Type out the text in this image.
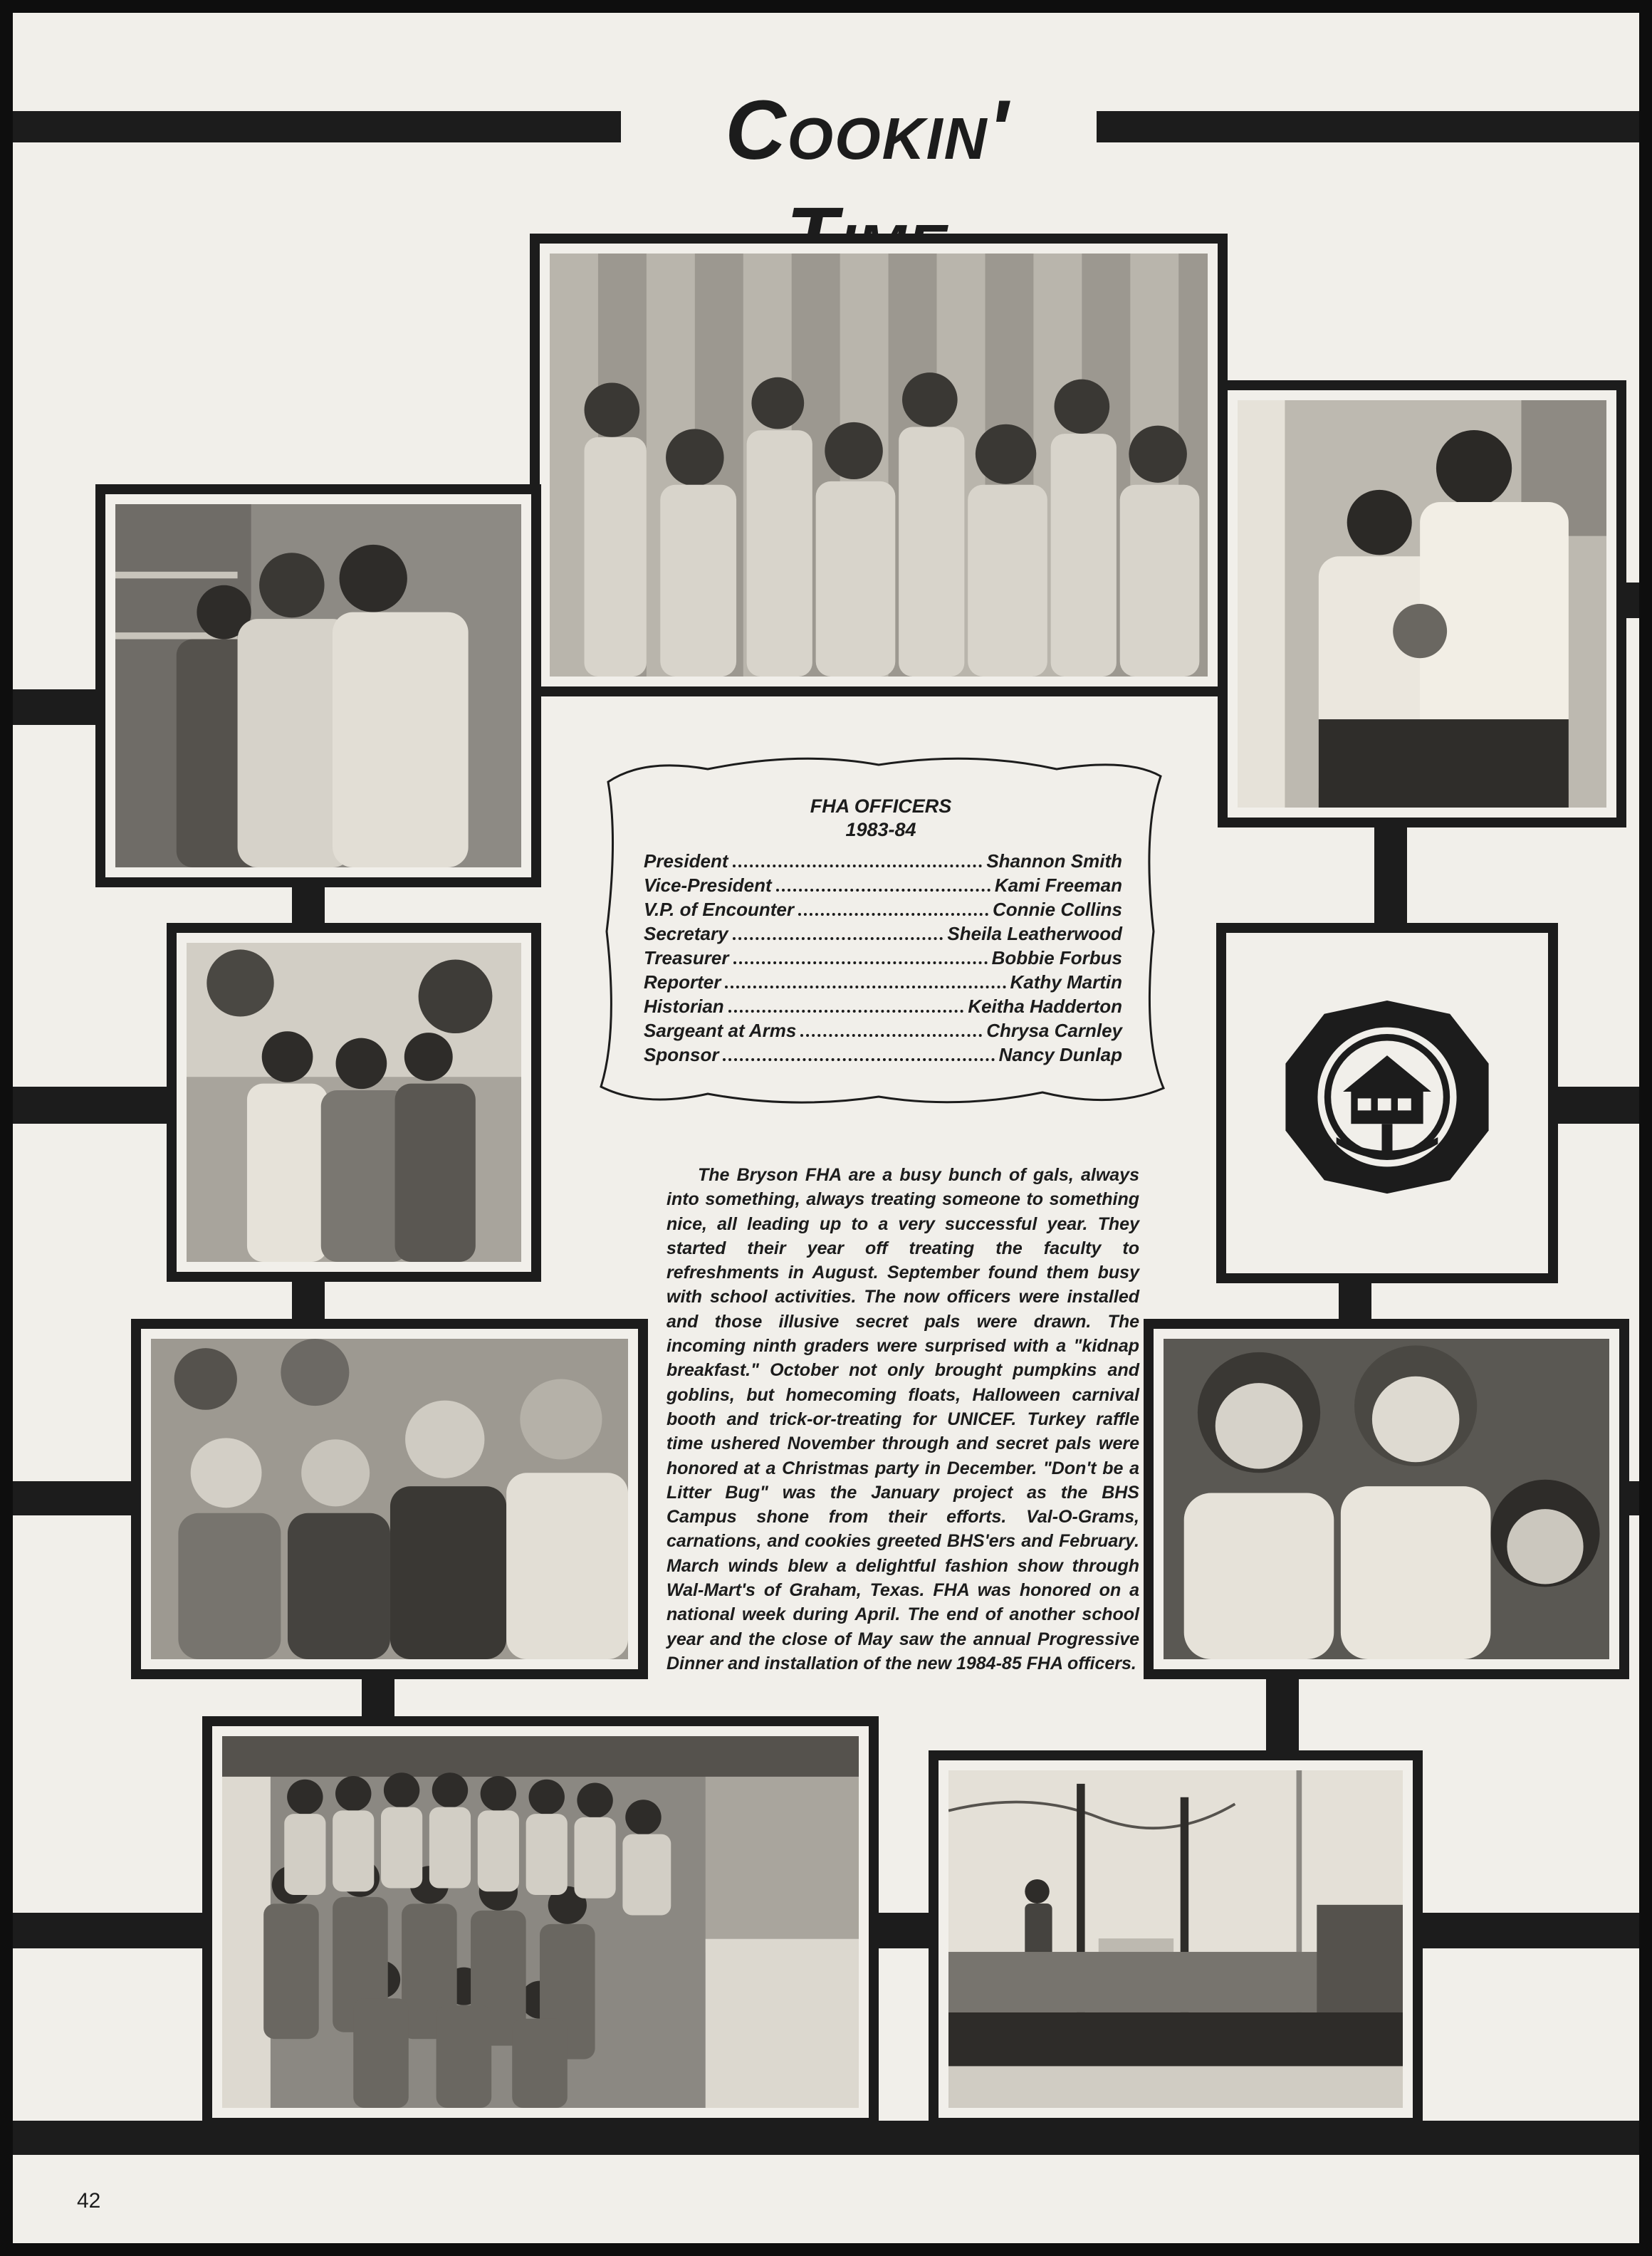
Cookin'
FHA OFFICERS
1983-84
President	Shannon Smith
Vice-President	Kami Freeman
V.P. of Encounter	Connie Collins
Secretary	Sheila Leatherwood
Treasurer	Bobbie Forbus
Reporter	Kathy Martin
Historian	Keitha Hadderton
Sargeant at Arms	Chrysa Carnley
Sponsor	Nancy Dunlap
The Bryson FHA are a busy bunch of gals, always into something, always treating someone to something nice, all leading up to a very successful year. They started their year off treating the faculty to refreshments in August. September found them busy with school activities. The now officers were installed and those illusive secret pals were drawn. The incoming ninth graders were surprised with a "kidnap breakfast." October not only brought pumpkins and goblins, but homecoming floats, Halloween carnival booth and trick-or-treating for UNICEF. Turkey raffle time ushered November through and secret pals were honored at a Christmas party in December. "Don't be a Litter Bug" was the January project as the BHS Campus shone from their efforts. Val-O-Grams, carnations, and cookies greeted BHS'ers and February. March winds blew a delightful fashion show through Wal-Mart's of Graham, Texas. FHA was honored on a national week during April. The end of another school year and the close of May saw the annual Progressive Dinner and installation of the new 1984-85 FHA officers.
42
